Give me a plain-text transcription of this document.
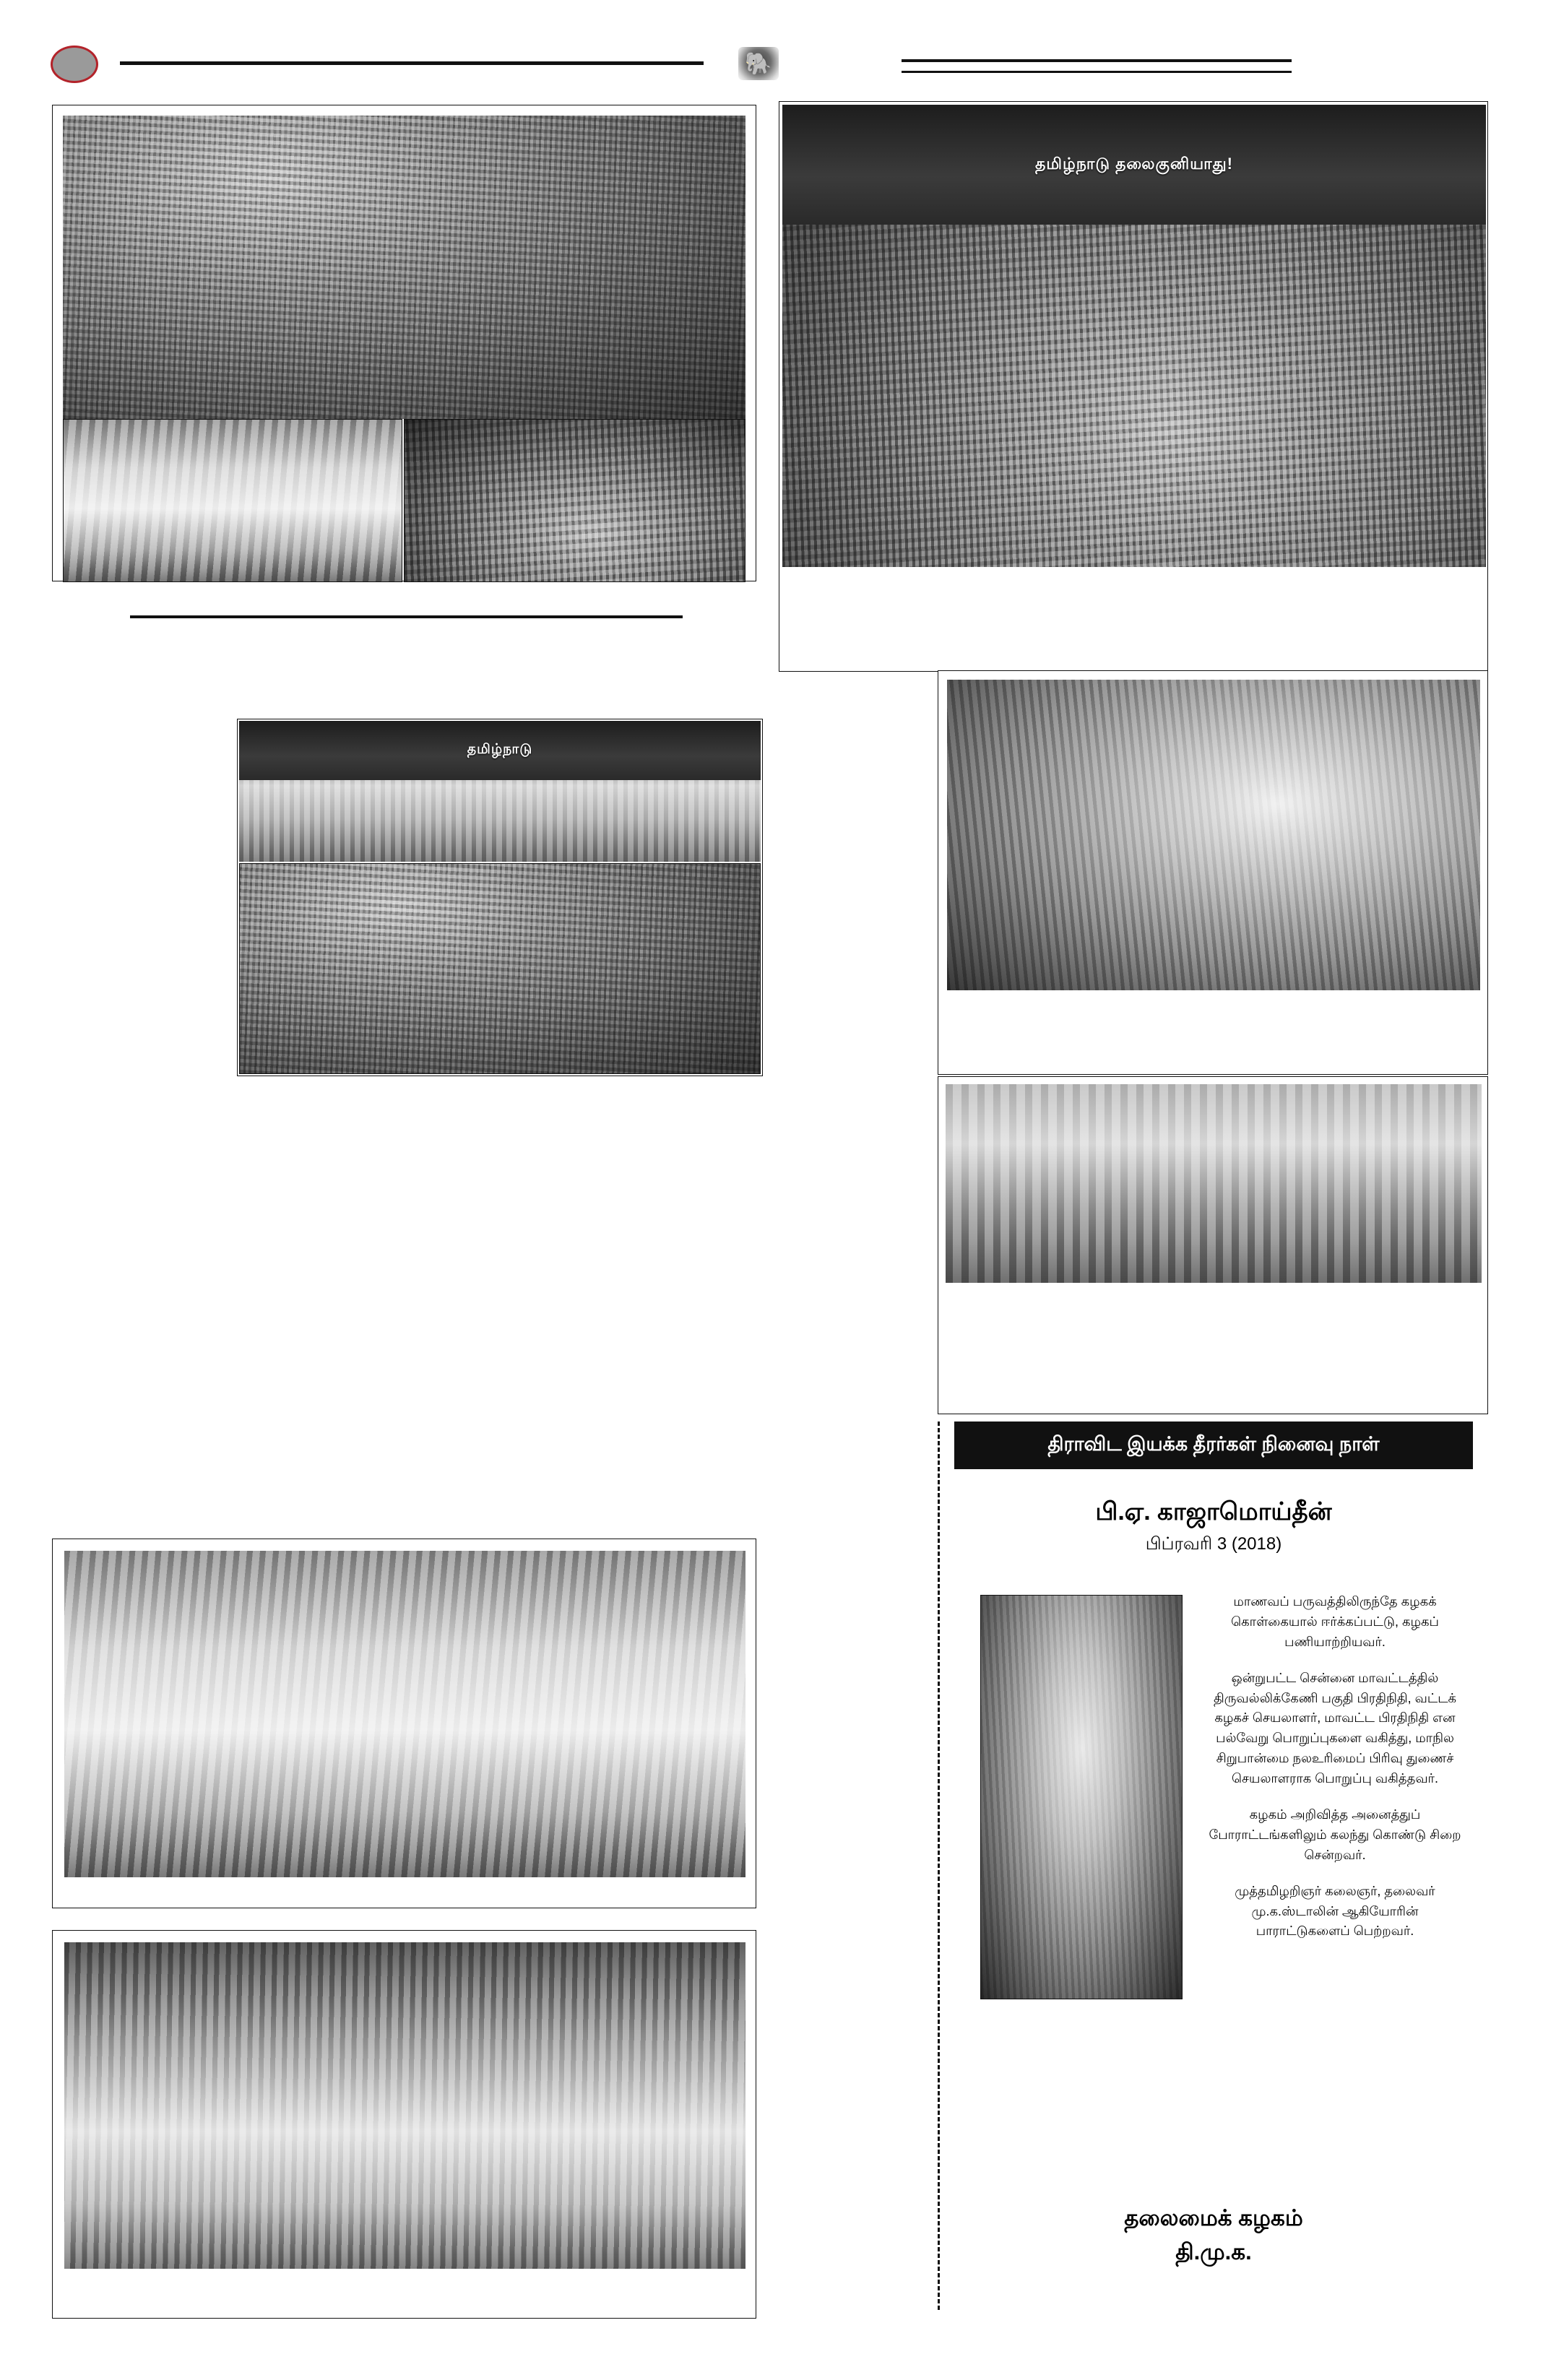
🐘
தமிழ்நாடு தலைகுனியாது!
தமிழ்நாடு
திராவிட இயக்க தீரர்கள் நினைவு நாள்
பி.ஏ. காஜாமொய்தீன்
பிப்ரவரி 3 (2018)

மாணவப் பருவத்திலிருந்தே கழகக் கொள்கையால் ஈர்க்கப்பட்டு, கழகப் பணியாற்றியவர்.

ஒன்றுபட்ட சென்னை மாவட்டத்தில் திருவல்லிக்கேணி பகுதி பிரதிநிதி, வட்டக் கழகச் செயலாளர், மாவட்ட பிரதிநிதி என பல்வேறு பொறுப்புகளை வகித்து, மாநில சிறுபான்மை நலஉரிமைப் பிரிவு துணைச் செயலாளராக பொறுப்பு வகித்தவர்.

கழகம் அறிவித்த அனைத்துப் போராட்டங்களிலும் கலந்து கொண்டு சிறை சென்றவர்.

முத்தமிழறிஞர் கலைஞர், தலைவர் மு.க.ஸ்டாலின் ஆகியோரின் பாராட்டுகளைப் பெற்றவர்.

தலைமைக் கழகம்
தி.மு.க.
